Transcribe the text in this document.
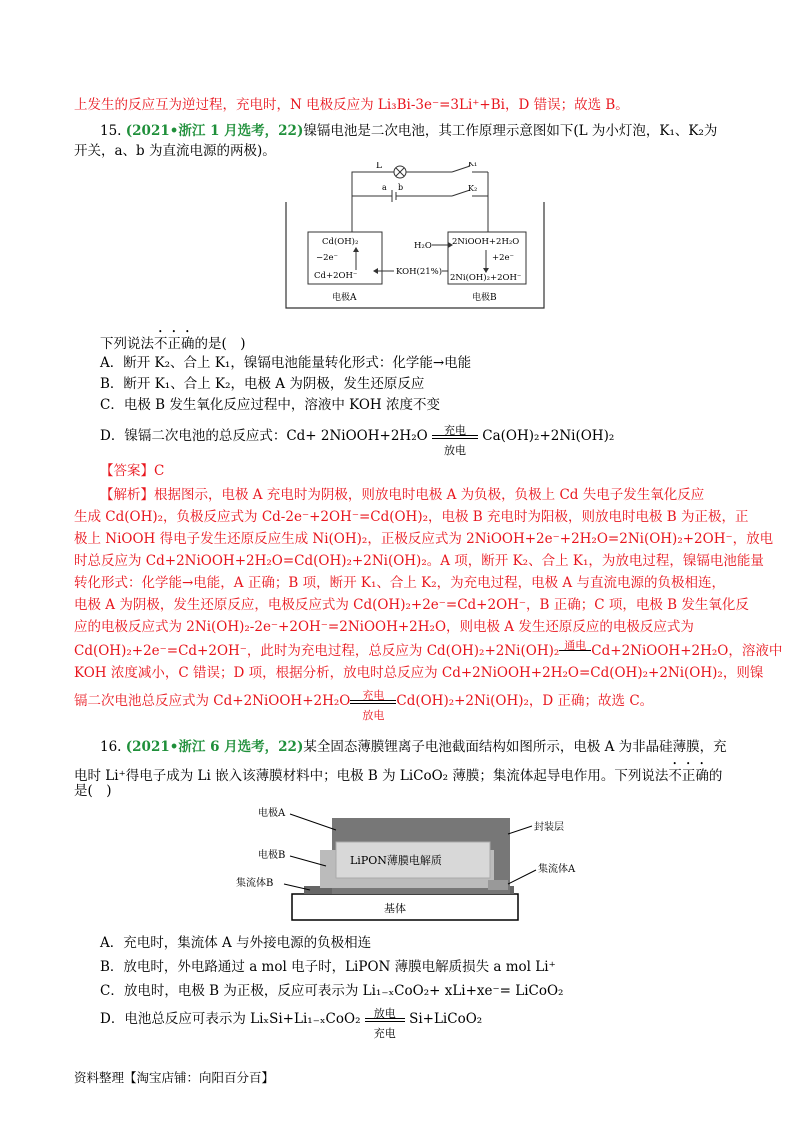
上发生的反应互为逆过程，充电时，N 电极反应为 Li₃Bi-3e⁻=3Li⁺+Bi，D 错误；故选 B。
15. (2021•浙江 1 月选考，22)镍镉电池是二次电池，其工作原理示意图如下(L 为小灯泡，K₁、K₂为
开关，a、b 为直流电源的两极)。
L	K₁
K₂
a b
Cd(OH)₂
−2e⁻
Cd+2OH⁻
H₂O
KOH(21%)
2NiOOH+2H₂O
+2e⁻
2Ni(OH)₂+2OH⁻
电极A	电极B
下列说法不正确的是(　)
A．断开 K₂、合上 K₁，镍镉电池能量转化形式：化学能→电能
B．断开 K₁、合上 K₂，电极 A 为阴极，发生还原反应
C．电极 B 发生氧化反应过程中，溶液中 KOH 浓度不变
D．镍镉二次电池的总反应式：Cd+ 2NiOOH+2H₂O	充电
放电
Ca(OH)₂+2Ni(OH)₂
【答案】C
【解析】根据图示，电极 A 充电时为阴极，则放电时电极 A 为负极，负极上 Cd 失电子发生氧化反应
生成 Cd(OH)₂，负极反应式为 Cd-2e⁻+2OH⁻=Cd(OH)₂，电极 B 充电时为阳极，则放电时电极 B 为正极，正
极上 NiOOH 得电子发生还原反应生成 Ni(OH)₂，正极反应式为 2NiOOH+2e⁻+2H₂O=2Ni(OH)₂+2OH⁻，放电
时总反应为 Cd+2NiOOH+2H₂O=Cd(OH)₂+2Ni(OH)₂。A 项，断开 K₂、合上 K₁，为放电过程，镍镉电池能量
转化形式：化学能→电能，A 正确；B 项，断开 K₁、合上 K₂，为充电过程，电极 A 与直流电源的负极相连，
电极 A 为阴极，发生还原反应，电极反应式为 Cd(OH)₂+2e⁻=Cd+2OH⁻，B 正确；C 项，电极 B 发生氧化反
应的电极反应式为 2Ni(OH)₂-2e⁻+2OH⁻=2NiOOH+2H₂O，则电极 A 发生还原反应的电极反应式为
Cd(OH)₂+2e⁻=Cd+2OH⁻，此时为充电过程，总反应为 Cd(OH)₂+2Ni(OH)₂ 通电 Cd+2NiOOH+2H₂O，溶液中
KOH 浓度减小，C 错误；D 项，根据分析，放电时总反应为 Cd+2NiOOH+2H₂O=Cd(OH)₂+2Ni(OH)₂，则镍
镉二次电池总反应式为 Cd+2NiOOH+2H₂O	充电
放电
Cd(OH)₂+2Ni(OH)₂，D 正确；故选 C。
16. (2021•浙江 6 月选考，22)某全固态薄膜锂离子电池截面结构如图所示，电极 A 为非晶硅薄膜，充
电时 Li⁺得电子成为 Li 嵌入该薄膜材料中；电极 B 为 LiCoO₂ 薄膜；集流体起导电作用。下列说法不正确的
是(　)
基体
LiPON薄膜电解质
电极A
电极B
集流体B
封装层
集流体A
A．充电时，集流体 A 与外接电源的负极相连
B．放电时，外电路通过 a mol 电子时，LiPON 薄膜电解质损失 a mol Li⁺
C．放电时，电极 B 为正极，反应可表示为 Li₁₋ₓCoO₂+ xLi+xe⁻= LiCoO₂
D．电池总反应可表示为 LiₓSi+Li₁₋ₓCoO₂	放电
充电
Si+LiCoO₂
资料整理【淘宝店铺：向阳百分百】
